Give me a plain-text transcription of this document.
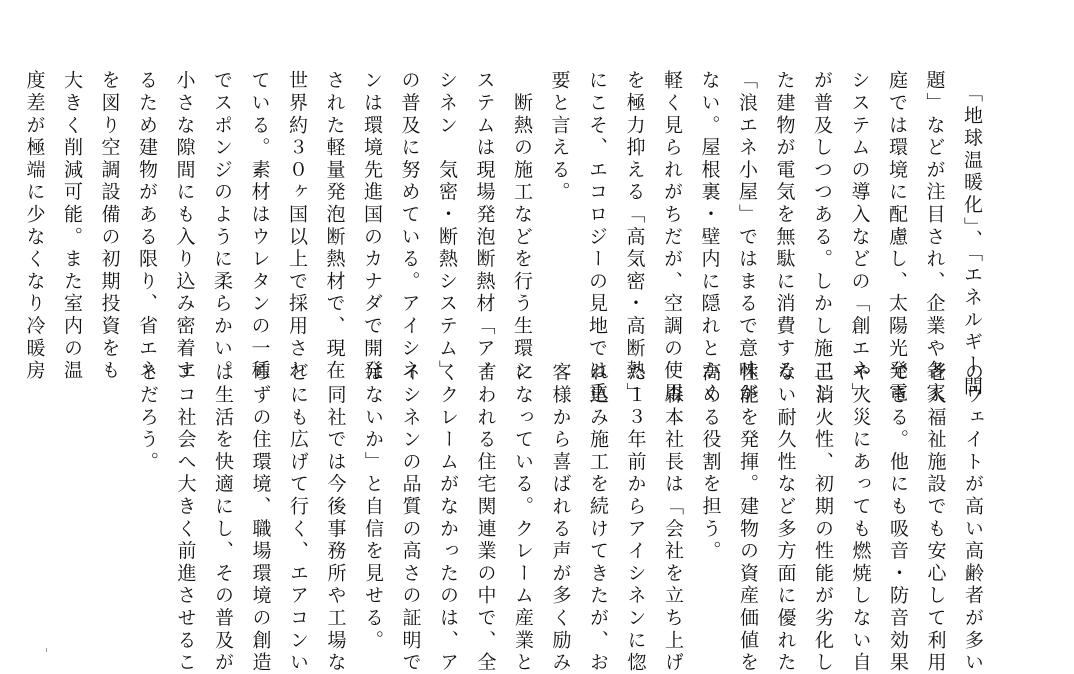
　「地球温暖化」、「エネルギー問
題」などが注目され、企業や各家
庭では環境に配慮し、太陽光発電
システムの導入などの「創エネ」
が普及しつつある。しかし施工し
た建物が電気を無駄に消費する
「浪エネ小屋」ではまるで意味が
ない。屋根裏・壁内に隠れとかく
軽く見られがちだが、空調の使用
を極力抑える「高気密・高断熱」
にこそ、エコロジーの見地では重
要と言える。
　断熱の施工などを行う生環シ
ステムは現場発泡断熱材「アイ
シネン　気密・断熱システム」
の普及に努めている。アイシネ
ンは環境先進国のカナダで開発
された軽量発泡断熱材で、現在
世界約３０ヶ国以上で採用され
ている。素材はウレタンの一種
でスポンジのように柔らかい。
小さな隙間にも入り込み密着す
るため建物がある限り、省エネ
を図り空調設備の初期投資をも
大きく削減可能。また室内の温
度差が極端に少なくなり冷暖房
のウェイトが高い高齢者が多い
老人福祉施設でも安心して利用
できる。他にも吸音・防音効果
や火災にあっても燃焼しない自
己消火性、初期の性能が劣化し
ない耐久性など多方面に優れた
性能を発揮。建物の資産価値を
高める役割を担う。
　森本社長は「会社を立ち上げ
た１３年前からアイシネンに惚
れ込み施工を続けてきたが、お
客様から喜ばれる声が多く励み
になっている。クレーム産業と
言われる住宅関連業の中で、全
くクレームがなかったのは、ア
イシネンの品質の高さの証明で
はないか」と自信を見せる。
　同社では今後事務所や工場な
どにも広げて行く、エアコンい
らずの住環境、職場環境の創造
は生活を快適にし、その普及が
エコ社会へ大きく前進させるこ
とだろう。
